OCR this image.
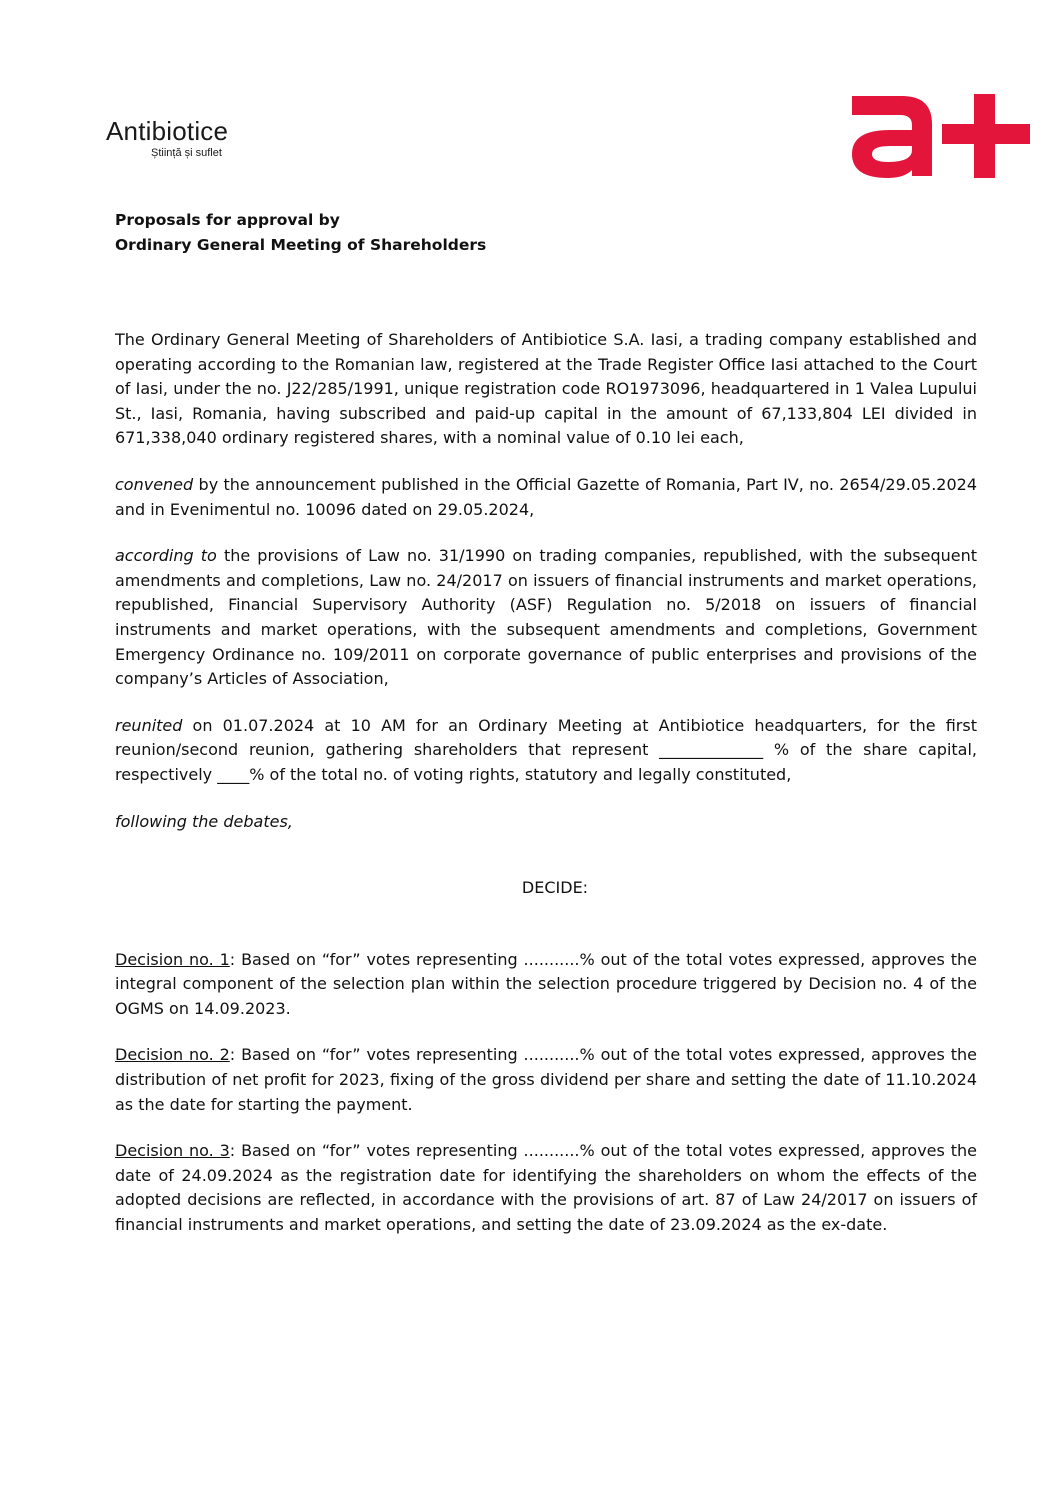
Antibiotice
Știință și suflet
Proposals for approval by
Ordinary General Meeting of Shareholders

The Ordinary General Meeting of Shareholders of Antibiotice S.A. Iasi, a trading company established and operating according to the Romanian law, registered at the Trade Register Office Iasi attached to the Court of Iasi, under the no. J22/285/1991, unique registration code RO1973096, headquartered in 1 Valea Lupului St., Iasi, Romania, having subscribed and paid-up capital in the amount of 67,133,804 LEI divided in 671,338,040 ordinary registered shares, with a nominal value of 0.10 lei each,

convened by the announcement published in the Official Gazette of Romania, Part IV, no. 2654/29.05.2024 and in Evenimentul no. 10096 dated on 29.05.2024,

according to the provisions of Law no. 31/1990 on trading companies, republished, with the subsequent amendments and completions, Law no. 24/2017 on issuers of financial instruments and market operations, republished, Financial Supervisory Authority (ASF) Regulation no. 5/2018 on issuers of financial instruments and market operations, with the subsequent amendments and completions, Government Emergency Ordinance no. 109/2011 on corporate governance of public enterprises and provisions of the company’s Articles of Association,

reunited on 01.07.2024 at 10 AM for an Ordinary Meeting at Antibiotice headquarters, for the first reunion/second reunion, gathering shareholders that represent _____________ % of the share capital, respectively ____% of the total no. of voting rights, statutory and legally constituted,

following the debates,

DECIDE:

Decision no. 1: Based on “for” votes representing ...........% out of the total votes expressed, approves the integral component of the selection plan within the selection procedure triggered by Decision no. 4 of the OGMS on 14.09.2023.

Decision no. 2: Based on “for” votes representing ...........% out of the total votes expressed, approves the distribution of net profit for 2023, fixing of the gross dividend per share and setting the date of 11.10.2024 as the date for starting the payment.

Decision no. 3: Based on “for” votes representing ...........% out of the total votes expressed, approves the date of 24.09.2024 as the registration date for identifying the shareholders on whom the effects of the adopted decisions are reflected, in accordance with the provisions of art. 87 of Law 24/2017 on issuers of financial instruments and market operations, and setting the date of 23.09.2024 as the ex-date.
